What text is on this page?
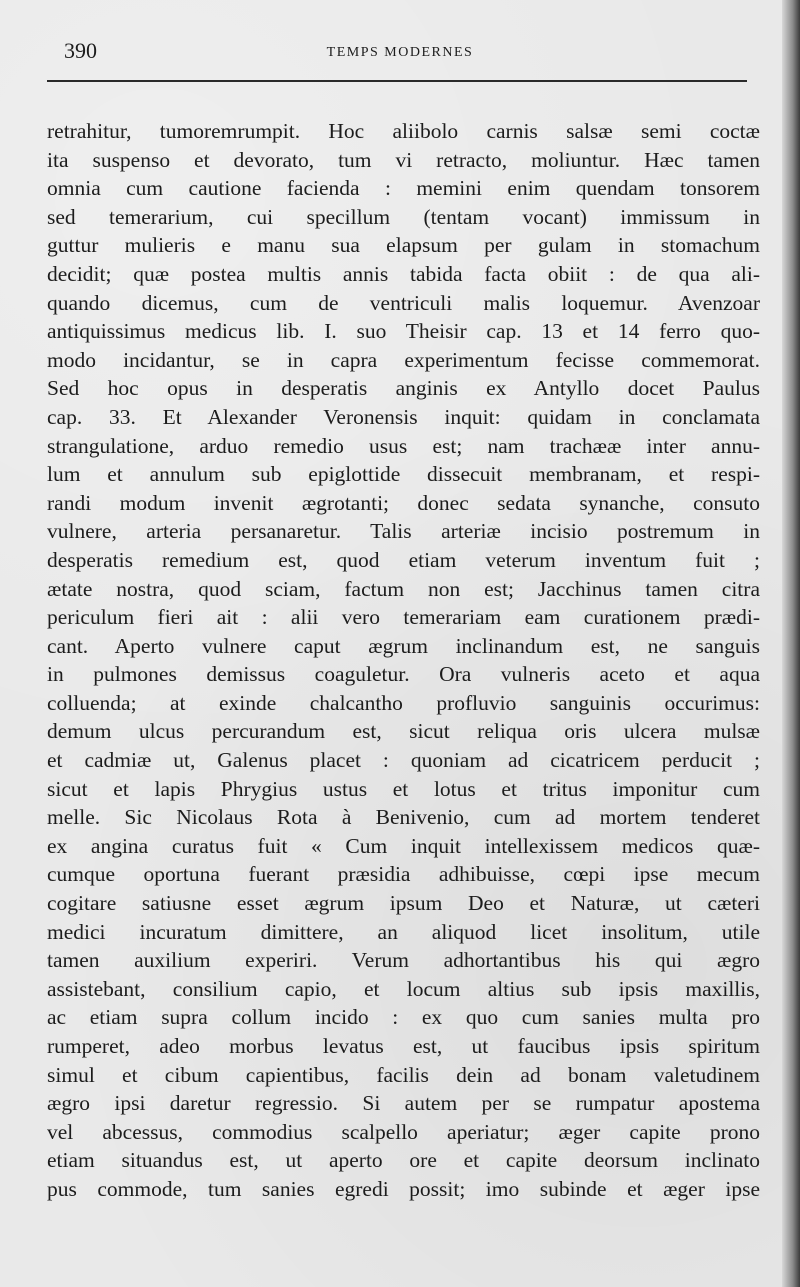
390	TEMPS MODERNES
retrahitur, tumoremrumpit. Hoc aliibolo carnis salsæ semi coctæ
ita suspenso et devorato, tum vi retracto, moliuntur. Hæc tamen
omnia cum cautione facienda : memini enim quendam tonsorem
sed temerarium, cui specillum (tentam vocant) immissum in
guttur mulieris e manu sua elapsum per gulam in stomachum
decidit; quæ postea multis annis tabida facta obiit : de qua ali-
quando dicemus, cum de ventriculi malis loquemur. Avenzoar
antiquissimus medicus lib. I. suo Theisir cap. 13 et 14 ferro quo-
modo incidantur, se in capra experimentum fecisse commemorat.
Sed hoc opus in desperatis anginis ex Antyllo docet Paulus
cap. 33. Et Alexander Veronensis inquit: quidam in conclamata
strangulatione, arduo remedio usus est; nam trachææ inter annu-
lum et annulum sub epiglottide dissecuit membranam, et respi-
randi modum invenit ægrotanti; donec sedata synanche, consuto
vulnere, arteria persanaretur. Talis arteriæ incisio postremum in
desperatis remedium est, quod etiam veterum inventum fuit ;
ætate nostra, quod sciam, factum non est; Jacchinus tamen citra
periculum fieri ait : alii vero temerariam eam curationem prædi-
cant. Aperto vulnere caput ægrum inclinandum est, ne sanguis
in pulmones demissus coaguletur. Ora vulneris aceto et aqua
colluenda; at exinde chalcantho profluvio sanguinis occurimus:
demum ulcus percurandum est, sicut reliqua oris ulcera mulsæ
et cadmiæ ut, Galenus placet : quoniam ad cicatricem perducit ;
sicut et lapis Phrygius ustus et lotus et tritus imponitur cum
melle. Sic Nicolaus Rota à Benivenio, cum ad mortem tenderet
ex angina curatus fuit « Cum inquit intellexissem medicos quæ-
cumque oportuna fuerant præsidia adhibuisse, cœpi ipse mecum
cogitare satiusne esset ægrum ipsum Deo et Naturæ, ut cæteri
medici incuratum dimittere, an aliquod licet insolitum, utile
tamen auxilium experiri. Verum adhortantibus his qui ægro
assistebant, consilium capio, et locum altius sub ipsis maxillis,
ac etiam supra collum incido : ex quo cum sanies multa pro
rumperet, adeo morbus levatus est, ut faucibus ipsis spiritum
simul et cibum capientibus, facilis dein ad bonam valetudinem
ægro ipsi daretur regressio. Si autem per se rumpatur apostema
vel abcessus, commodius scalpello aperiatur; æger capite prono
etiam situandus est, ut aperto ore et capite deorsum inclinato
pus commode, tum sanies egredi possit; imo subinde et æger ipse
